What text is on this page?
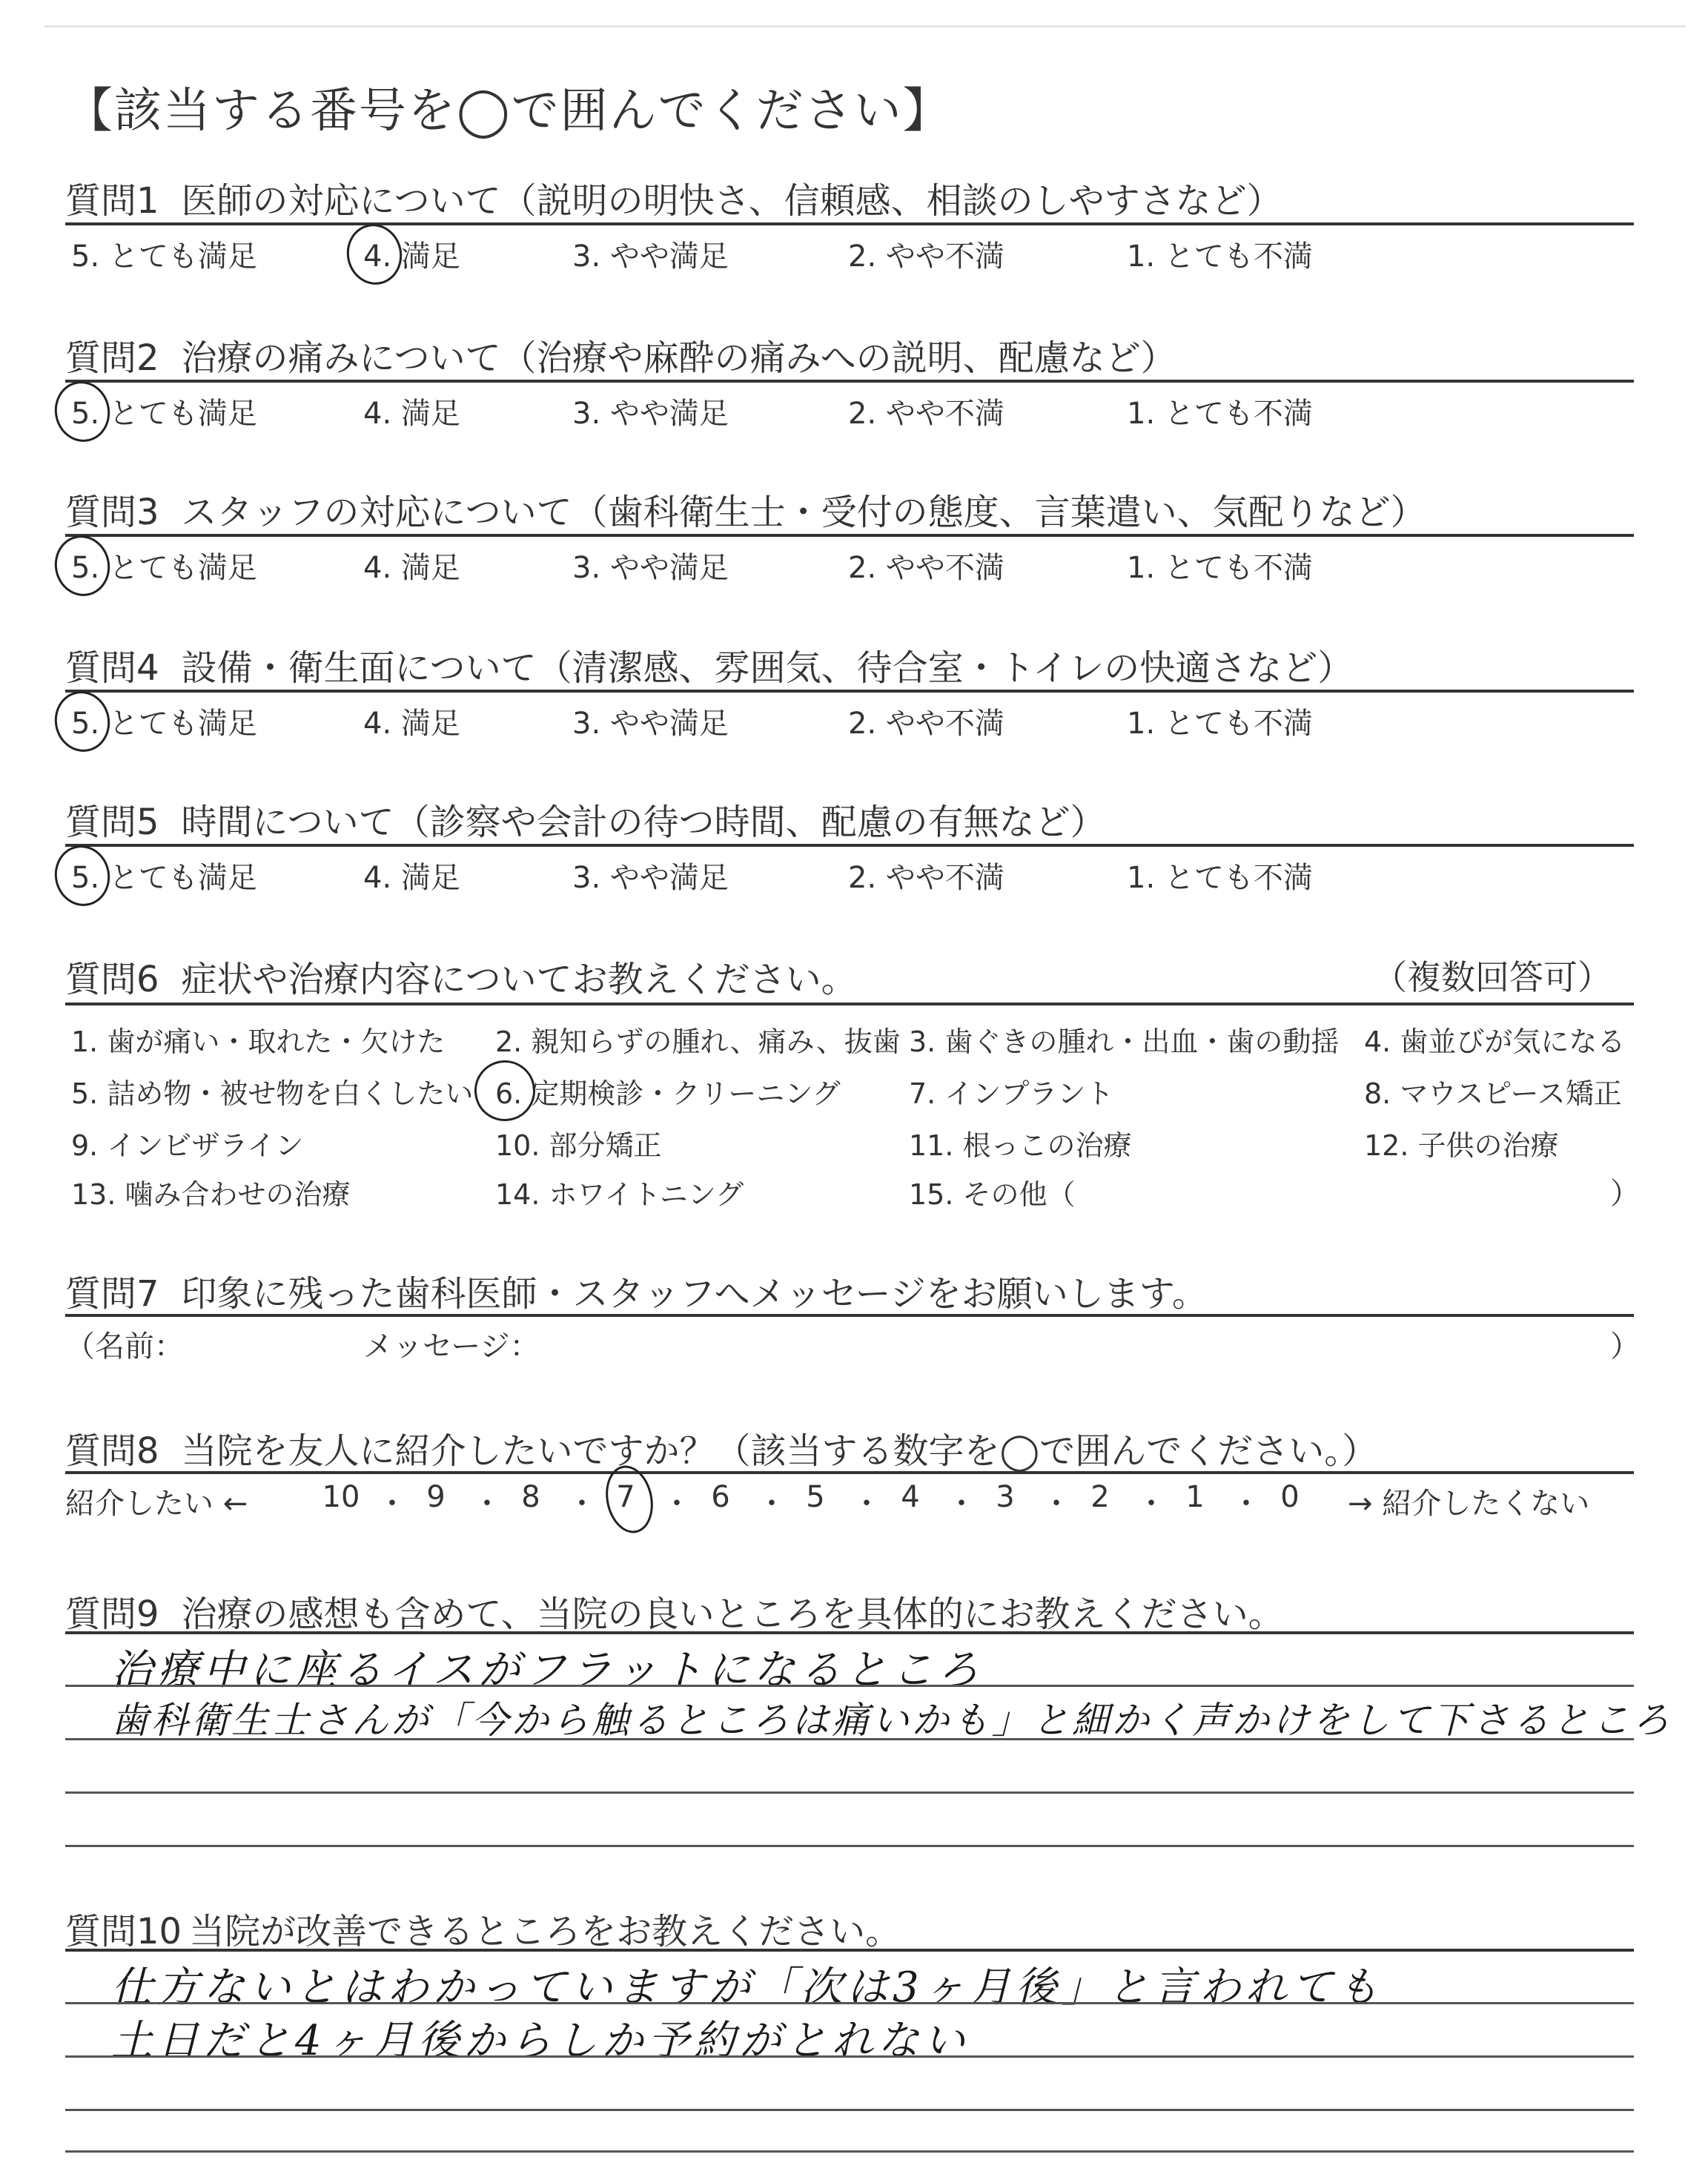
【該当する番号を◯で囲んでください】
質問1 医師の対応について（説明の明快さ、信頼感、相談のしやすさなど）
5. とても満足	4. 満足	3. やや満足	2. やや不満	1. とても不満
質問2 治療の痛みについて（治療や麻酔の痛みへの説明、配慮など）
5. とても満足	4. 満足	3. やや満足	2. やや不満	1. とても不満
質問3 スタッフの対応について（歯科衛生士・受付の態度、言葉遣い、気配りなど）
5. とても満足	4. 満足	3. やや満足	2. やや不満	1. とても不満
質問4 設備・衛生面について（清潔感、雰囲気、待合室・トイレの快適さなど）
5. とても満足	4. 満足	3. やや満足	2. やや不満	1. とても不満
質問5 時間について（診察や会計の待つ時間、配慮の有無など）
5. とても満足	4. 満足	3. やや満足	2. やや不満	1. とても不満
質問6 症状や治療内容についてお教えください。	（複数回答可）
1. 歯が痛い・取れた・欠けた 2. 親知らずの腫れ、痛み、抜歯 3. 歯ぐきの腫れ・出血・歯の動揺 4. 歯並びが気になる
5. 詰め物・被せ物を白くしたい 6. 定期検診・クリーニング 7. インプラント	8. マウスピース矯正
9. インビザライン	10. 部分矯正	11. 根っこの治療	12. 子供の治療
13. 噛み合わせの治療	14. ホワイトニング	15. その他（	）
質問7 印象に残った歯科医師・スタッフへメッセージをお願いします。
（名前：	メッセージ：	）
質問8 当院を友人に紹介したいですか？（該当する数字を◯で囲んでください。）
紹介したい ←	10 ・ 9 ・ 8 ・ 7 ・ 6 ・ 5 ・ 4 ・ 3 ・ 2 ・ 1 ・ 0	→ 紹介したくない
質問9 治療の感想も含めて、当院の良いところを具体的にお教えください。
治療中に座るイスがフラットになるところ
歯科衛生士さんが「今から触るところは痛いかも」と細かく声かけをして下さるところ
質問10 当院が改善できるところをお教えください。
仕方ないとはわかっていますが「次は3ヶ月後」と言われても
土日だと4ヶ月後からしか予約がとれない
